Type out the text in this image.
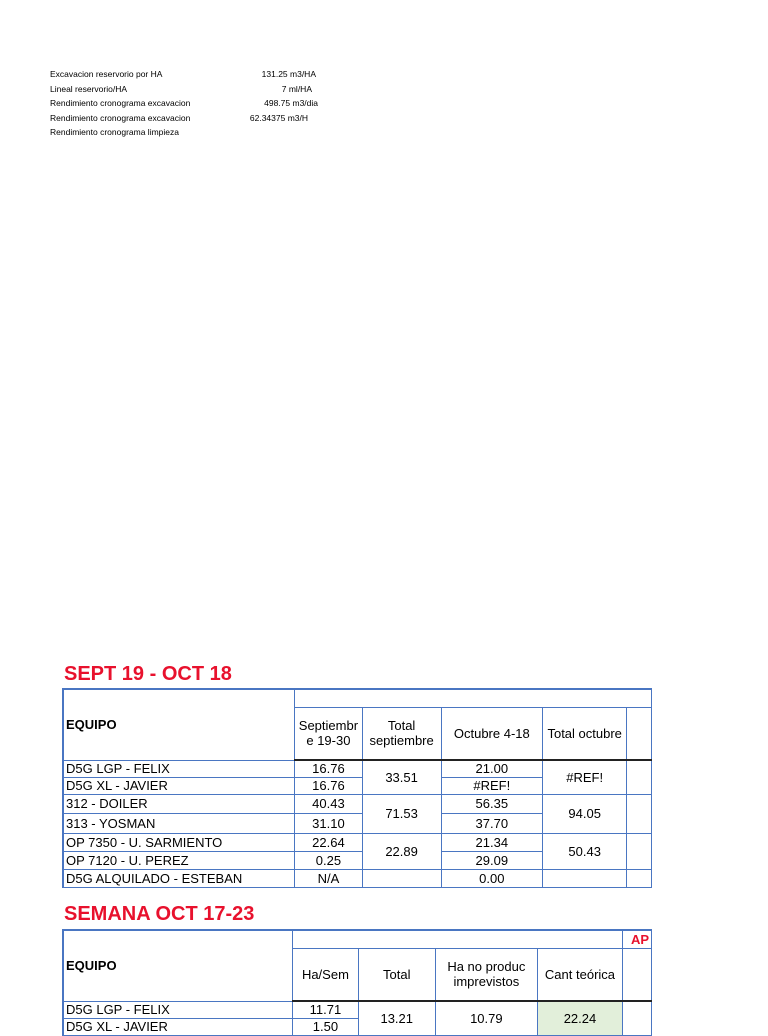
Excavacion reservorio por HA	131.25 m3/HA
Lineal reservorio/HA	7 ml/HA
Rendimiento cronograma excavacion	498.75 m3/dia
Rendimiento cronograma excavacion	62.34375 m3/H
Rendimiento cronograma limpieza
SEPT 19 - OCT 18
EQUIPO					
	Septiembr e 19-30	Total septiembre	Octubre 4-18	Total octubre	
D5G LGP - FELIX	16.76	33.51	21.00	#REF!	
D5G XL - JAVIER	16.76		#REF!		
312 - DOILER	40.43	71.53	56.35	94.05	
313 - YOSMAN	31.10		37.70		
OP 7350 - U. SARMIENTO	22.64	22.89	21.34	50.43	
OP 7120 - U. PEREZ	0.25		29.09		
D5G ALQUILADO - ESTEBAN	N/A		0.00		
SEMANA OCT 17-23
EQUIPO					AP
	Ha/Sem	Total	Ha no produc imprevistos	Cant teórica	
D5G LGP - FELIX	11.71	13.21	10.79	22.24	
D5G XL - JAVIER	1.50				
